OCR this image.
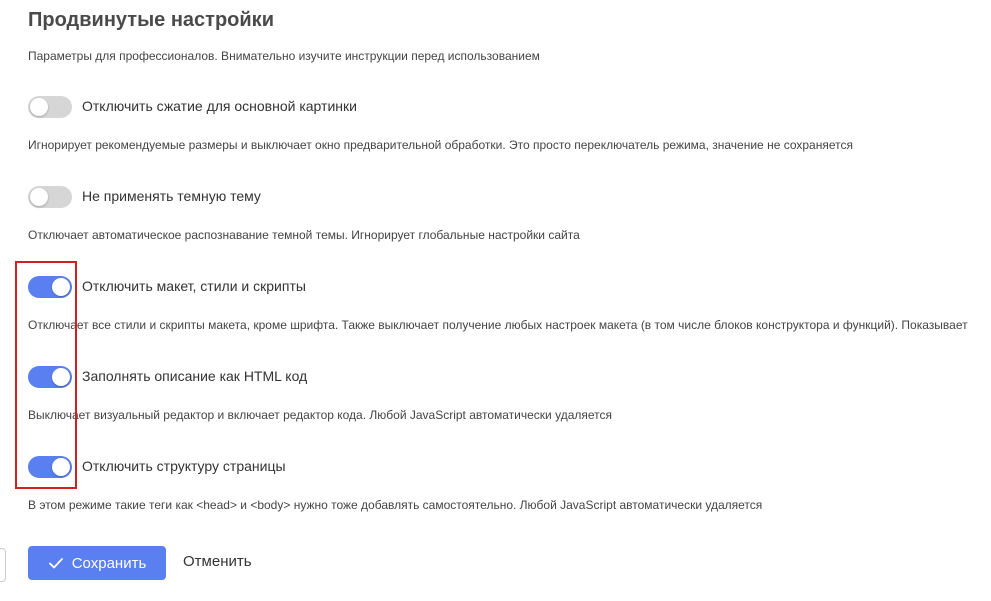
Продвинутые настройки
Параметры для профессионалов. Внимательно изучите инструкции перед использованием
Отключить сжатие для основной картинки
Игнорирует рекомендуемые размеры и выключает окно предварительной обработки. Это просто переключатель режима, значение не сохраняется
Не применять темную тему
Отключает автоматическое распознавание темной темы. Игнорирует глобальные настройки сайта
Отключить макет, стили и скрипты
Отключает все стили и скрипты макета, кроме шрифта. Также выключает получение любых настроек макета (в том числе блоков конструктора и функций). Показывает
Заполнять описание как HTML код
Выключает визуальный редактор и включает редактор кода. Любой JavaScript автоматически удаляется
Отключить структуру страницы
В этом режиме такие теги как <head> и <body> нужно тоже добавлять самостоятельно. Любой JavaScript автоматически удаляется
Сохранить Отменить
